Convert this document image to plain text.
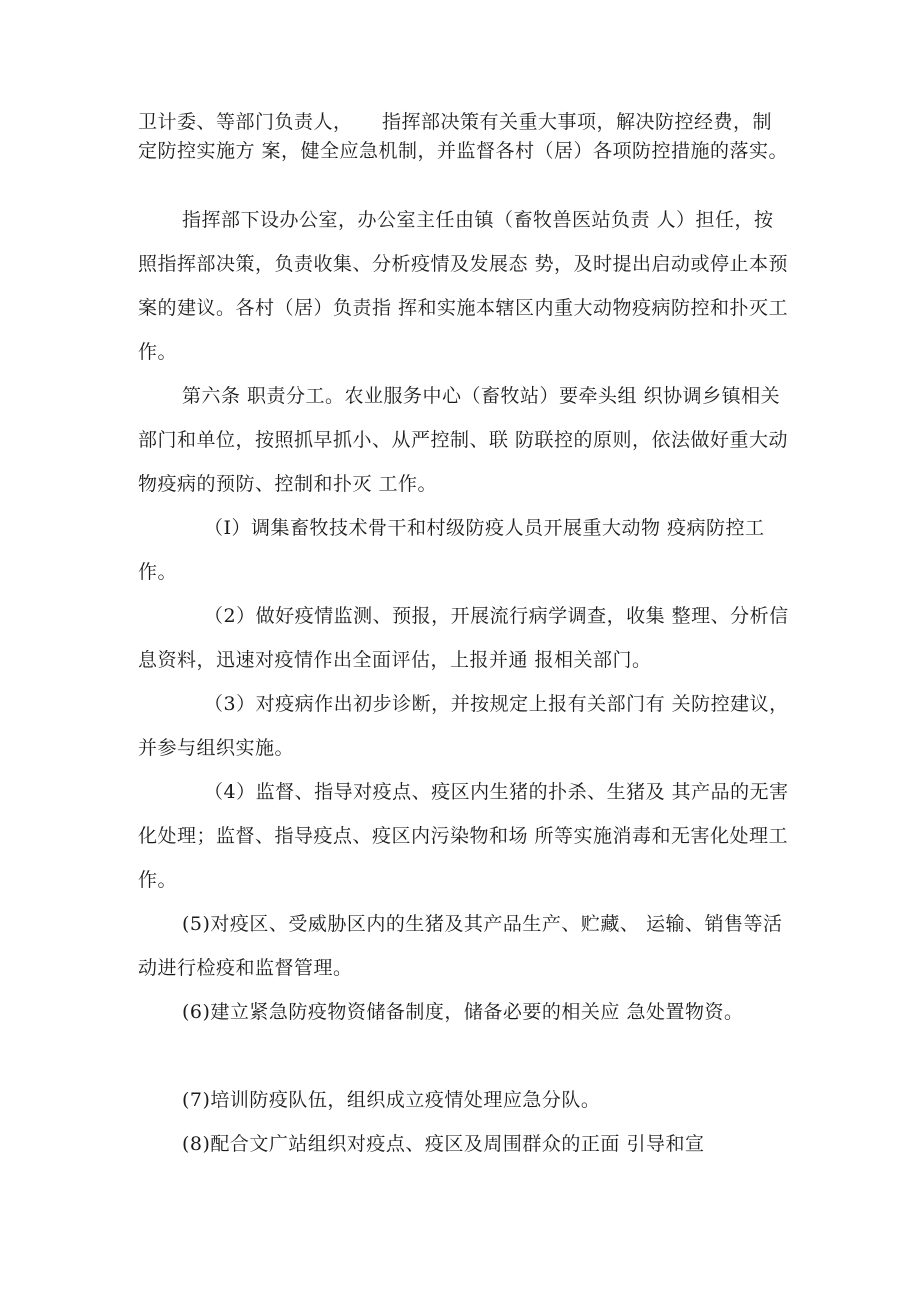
卫计委、等部门负责人，　　指挥部决策有关重大事项，解决防控经费，制定防控实施方 案，健全应急机制，并监督各村（居）各项防控措施的落实。

指挥部下设办公室，办公室主任由镇（畜牧兽医站负责 人）担任，按照指挥部决策，负责收集、分析疫情及发展态 势，及时提出启动或停止本预案的建议。各村（居）负责指 挥和实施本辖区内重大动物疫病防控和扑灭工作。

第六条 职责分工。农业服务中心（畜牧站）要牵头组 织协调乡镇相关部门和单位，按照抓早抓小、从严控制、联 防联控的原则，依法做好重大动物疫病的预防、控制和扑灭 工作。

（I）调集畜牧技术骨干和村级防疫人员开展重大动物 疫病防控工作。

（2）做好疫情监测、预报，开展流行病学调查，收集 整理、分析信息资料，迅速对疫情作出全面评估，上报并通 报相关部门。

（3）对疫病作出初步诊断，并按规定上报有关部门有 关防控建议，并参与组织实施。

（4）监督、指导对疫点、疫区内生猪的扑杀、生猪及 其产品的无害化处理；监督、指导疫点、疫区内污染物和场 所等实施消毒和无害化处理工作。

(5)对疫区、受威胁区内的生猪及其产品生产、贮藏、 运输、销售等活动进行检疫和监督管理。

(6)建立紧急防疫物资储备制度，储备必要的相关应 急处置物资。

(7)培训防疫队伍，组织成立疫情处理应急分队。

(8)配合文广站组织对疫点、疫区及周围群众的正面 引导和宣
